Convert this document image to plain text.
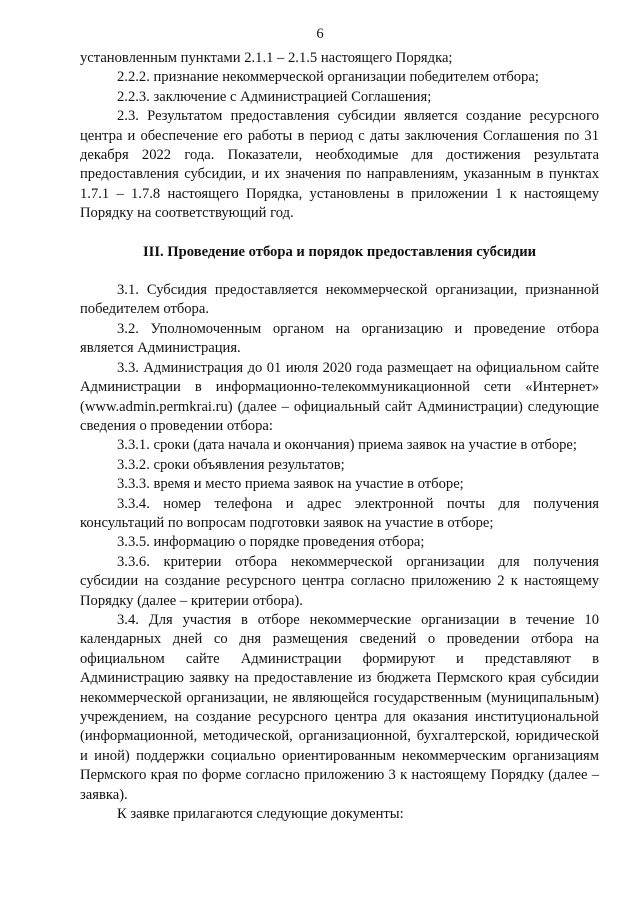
6

установленным пунктами 2.1.1 – 2.1.5 настоящего Порядка;

2.2.2. признание некоммерческой организации победителем отбора;

2.2.3. заключение с Администрацией Соглашения;

2.3. Результатом предоставления субсидии является создание ресурсного центра и обеспечение его работы в период с даты заключения Соглашения по 31 декабря 2022 года. Показатели, необходимые для достижения результата предоставления субсидии, и их значения по направлениям, указанным в пунктах 1.7.1 – 1.7.8 настоящего Порядка, установлены в приложении 1 к настоящему Порядку на соответствующий год.

III. Проведение отбора и порядок предоставления субсидии

3.1. Субсидия предоставляется некоммерческой организации, признанной победителем отбора.

3.2. Уполномоченным органом на организацию и проведение отбора является Администрация.

3.3. Администрация до 01 июля 2020 года размещает на официальном сайте Администрации в информационно-телекоммуникационной сети «Интернет» (www.admin.permkrai.ru) (далее – официальный сайт Администрации) следующие сведения о проведении отбора:

3.3.1. сроки (дата начала и окончания) приема заявок на участие в отборе;

3.3.2. сроки объявления результатов;

3.3.3. время и место приема заявок на участие в отборе;

3.3.4. номер телефона и адрес электронной почты для получения консультаций по вопросам подготовки заявок на участие в отборе;

3.3.5. информацию о порядке проведения отбора;

3.3.6. критерии отбора некоммерческой организации для получения субсидии на создание ресурсного центра согласно приложению 2 к настоящему Порядку (далее – критерии отбора).

3.4. Для участия в отборе некоммерческие организации в течение 10 календарных дней со дня размещения сведений о проведении отбора на официальном сайте Администрации формируют и представляют в Администрацию заявку на предоставление из бюджета Пермского края субсидии некоммерческой организации, не являющейся государственным (муниципальным) учреждением, на создание ресурсного центра для оказания институциональной (информационной, методической, организационной, бухгалтерской, юридической и иной) поддержки социально ориентированным некоммерческим организациям Пермского края по форме согласно приложению 3 к настоящему Порядку (далее – заявка).

К заявке прилагаются следующие документы:
